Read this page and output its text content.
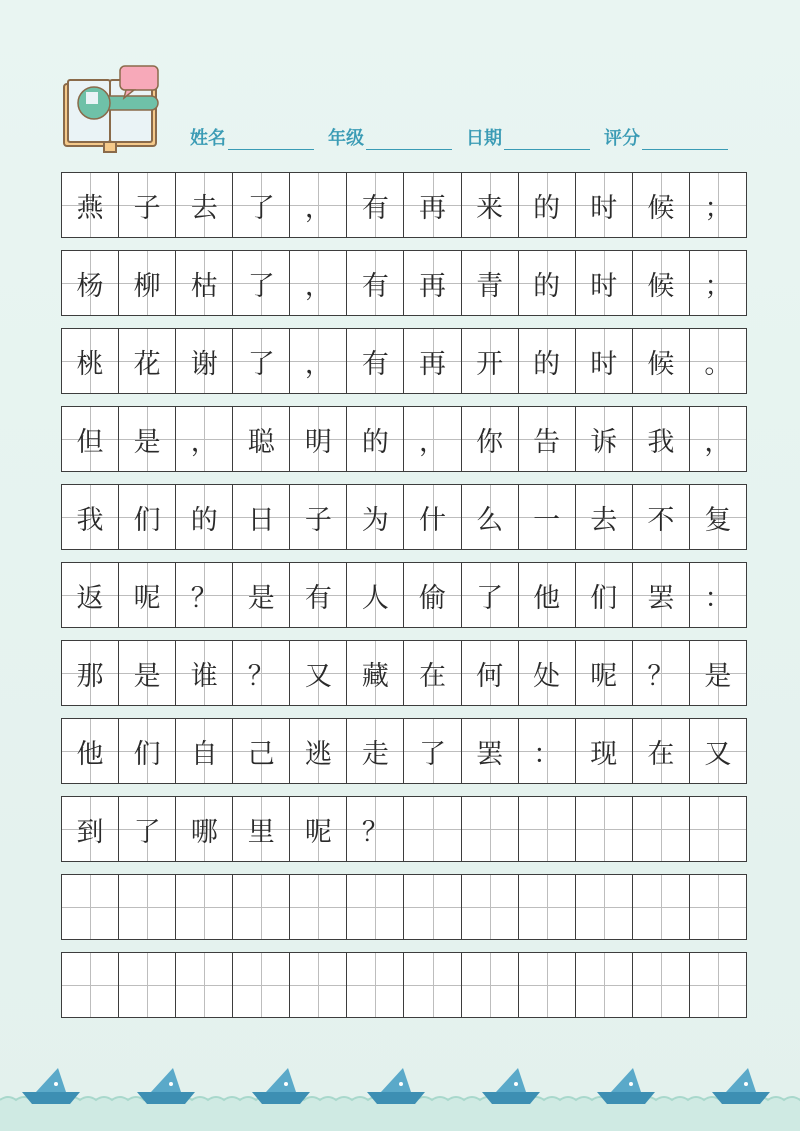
姓名	年级	日期	评分
燕 子 去 了 ， 有 再 来 的 时 候 ；
杨 柳 枯 了 ， 有 再 青 的 时 候 ；
桃 花 谢 了 ， 有 再 开 的 时 候 。
但 是 ， 聪 明 的 ， 你 告 诉 我 ，
我 们 的 日 子 为 什 么 一 去 不 复
返 呢 ？ 是 有 人 偷 了 他 们 罢 ：
那 是 谁 ？ 又 藏 在 何 处 呢 ？ 是
他 们 自 己 逃 走 了 罢 ： 现 在 又
到 了 哪 里 呢 ？
